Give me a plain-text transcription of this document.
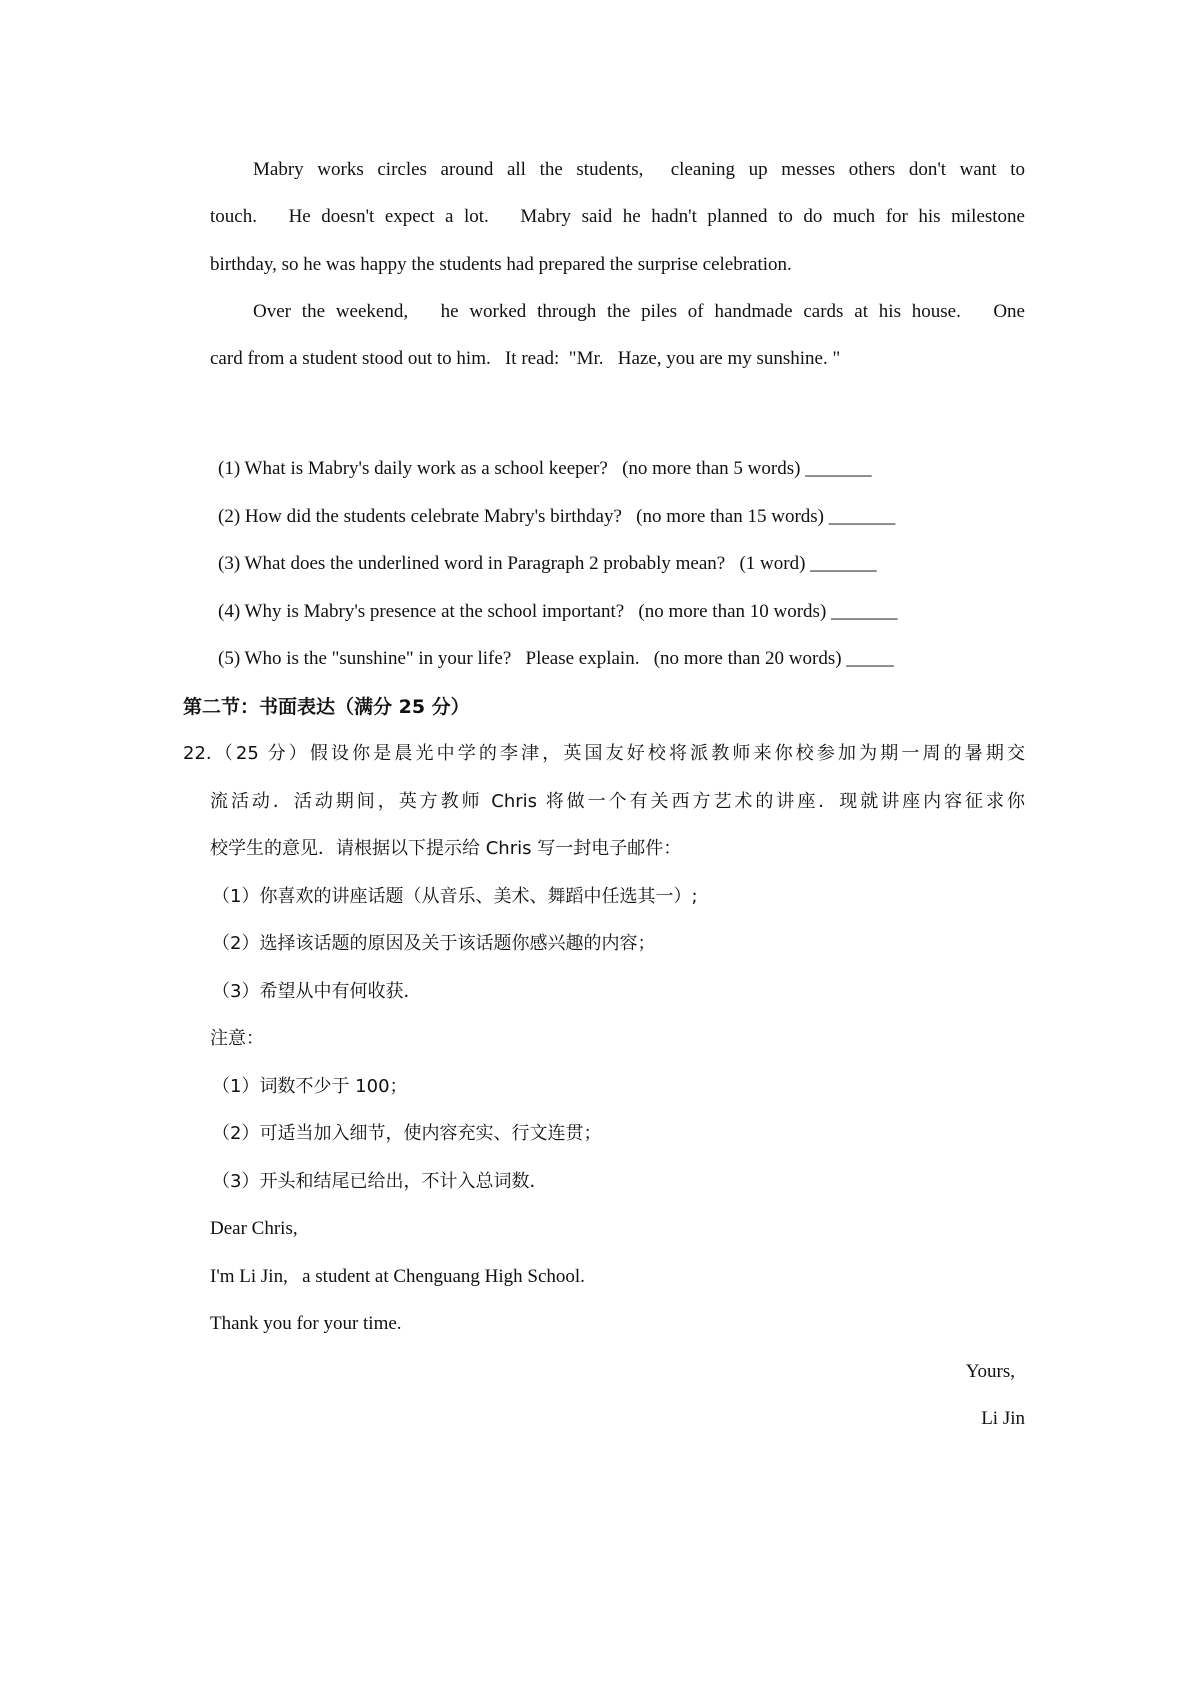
Mabry works circles around all the students,  cleaning up messes others don't want to
touch.   He doesn't expect a lot.   Mabry said he hadn't planned to do much for his milestone
birthday, so he was happy the students had prepared the surprise celebration.
Over the weekend,   he worked through the piles of handmade cards at his house.   One
card from a student stood out to him.   It read:  "Mr.   Haze, you are my sunshine. "
(1) What is Mabry's daily work as a school keeper?   (no more than 5 words) _______
(2) How did the students celebrate Mabry's birthday?   (no more than 15 words) _______
(3) What does the underlined word in Paragraph 2 probably mean?   (1 word) _______
(4) Why is Mabry's presence at the school important?   (no more than 10 words) _______
(5) Who is the "sunshine" in your life?   Please explain.   (no more than 20 words) _____
第二节：书面表达（满分 25 分）
22.（25 分）假设你是晨光中学的李津，英国友好校将派教师来你校参加为期一周的暑期交
流活动．活动期间，英方教师 Chris 将做一个有关西方艺术的讲座．现就讲座内容征求你
校学生的意见．请根据以下提示给 Chris 写一封电子邮件：
（1）你喜欢的讲座话题（从音乐、美术、舞蹈中任选其一）;
（2）选择该话题的原因及关于该话题你感兴趣的内容；
（3）希望从中有何收获．
注意：
（1）词数不少于 100；
（2）可适当加入细节，使内容充实、行文连贯；
（3）开头和结尾已给出，不计入总词数．
Dear Chris,
I'm Li Jin,   a student at Chenguang High School.
Thank you for your time.
Yours,
Li Jin
